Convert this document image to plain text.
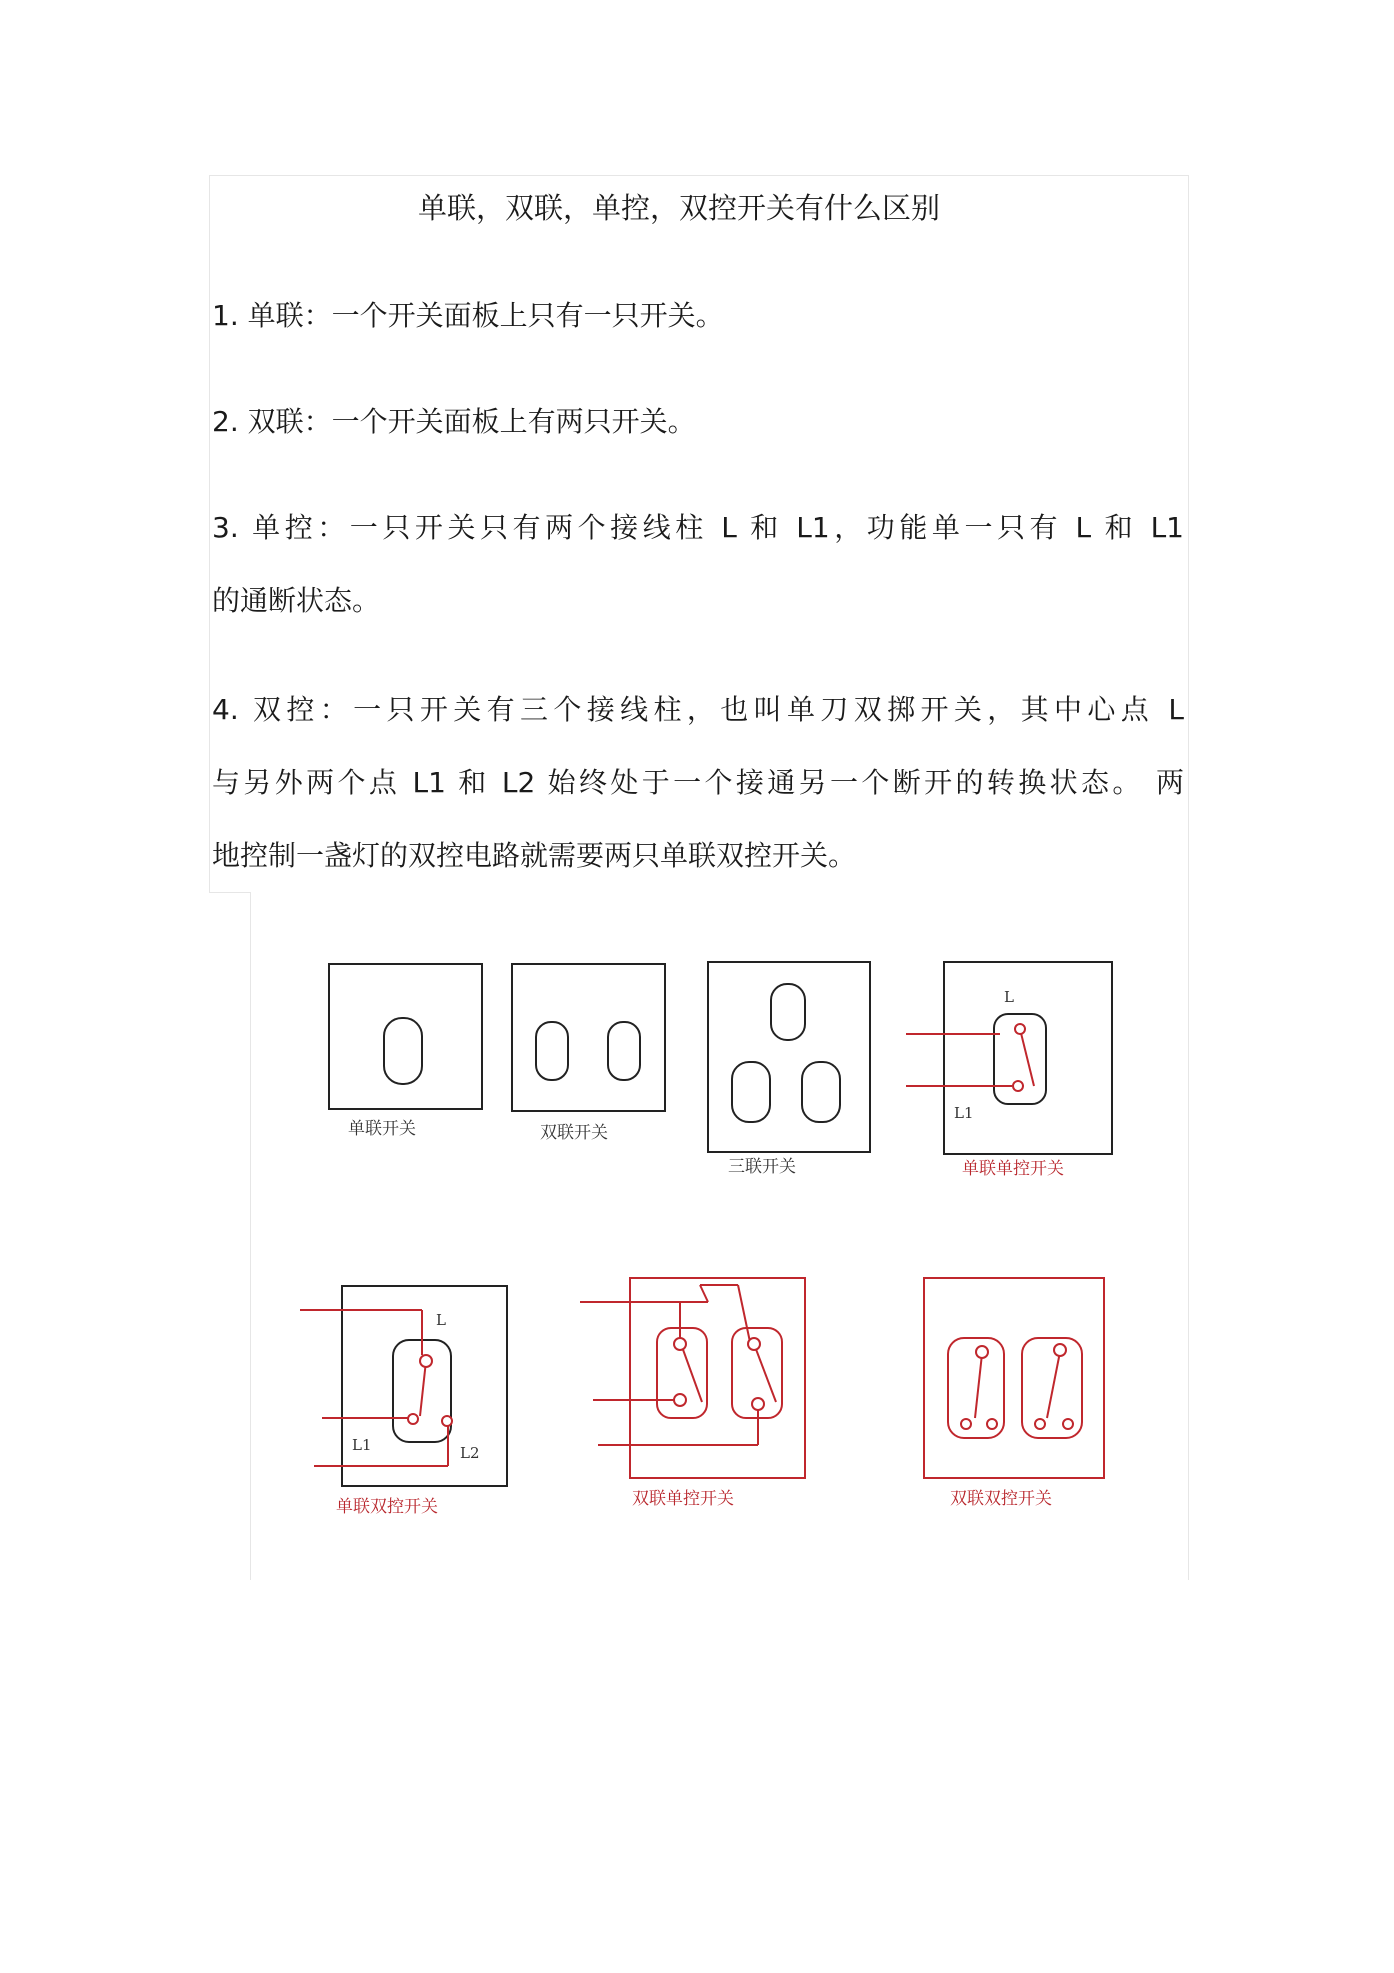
单联，双联，单控，双控开关有什么区别
1. 单联：一个开关面板上只有一只开关。
2. 双联：一个开关面板上有两只开关。
3. 单控：一只开关只有两个接线柱 L 和 L1，功能单一只有 L 和 L1
的通断状态。
4. 双控：一只开关有三个接线柱，也叫单刀双掷开关，其中心点 L
与另外两个点 L1 和 L2 始终处于一个接通另一个断开的转换状态。 两
地控制一盏灯的双控电路就需要两只单联双控开关。
单联开关	双联开关
三联开关
L
L1
单联单控开关
L
L1	L2
单联双控开关	双联单控开关	双联双控开关
